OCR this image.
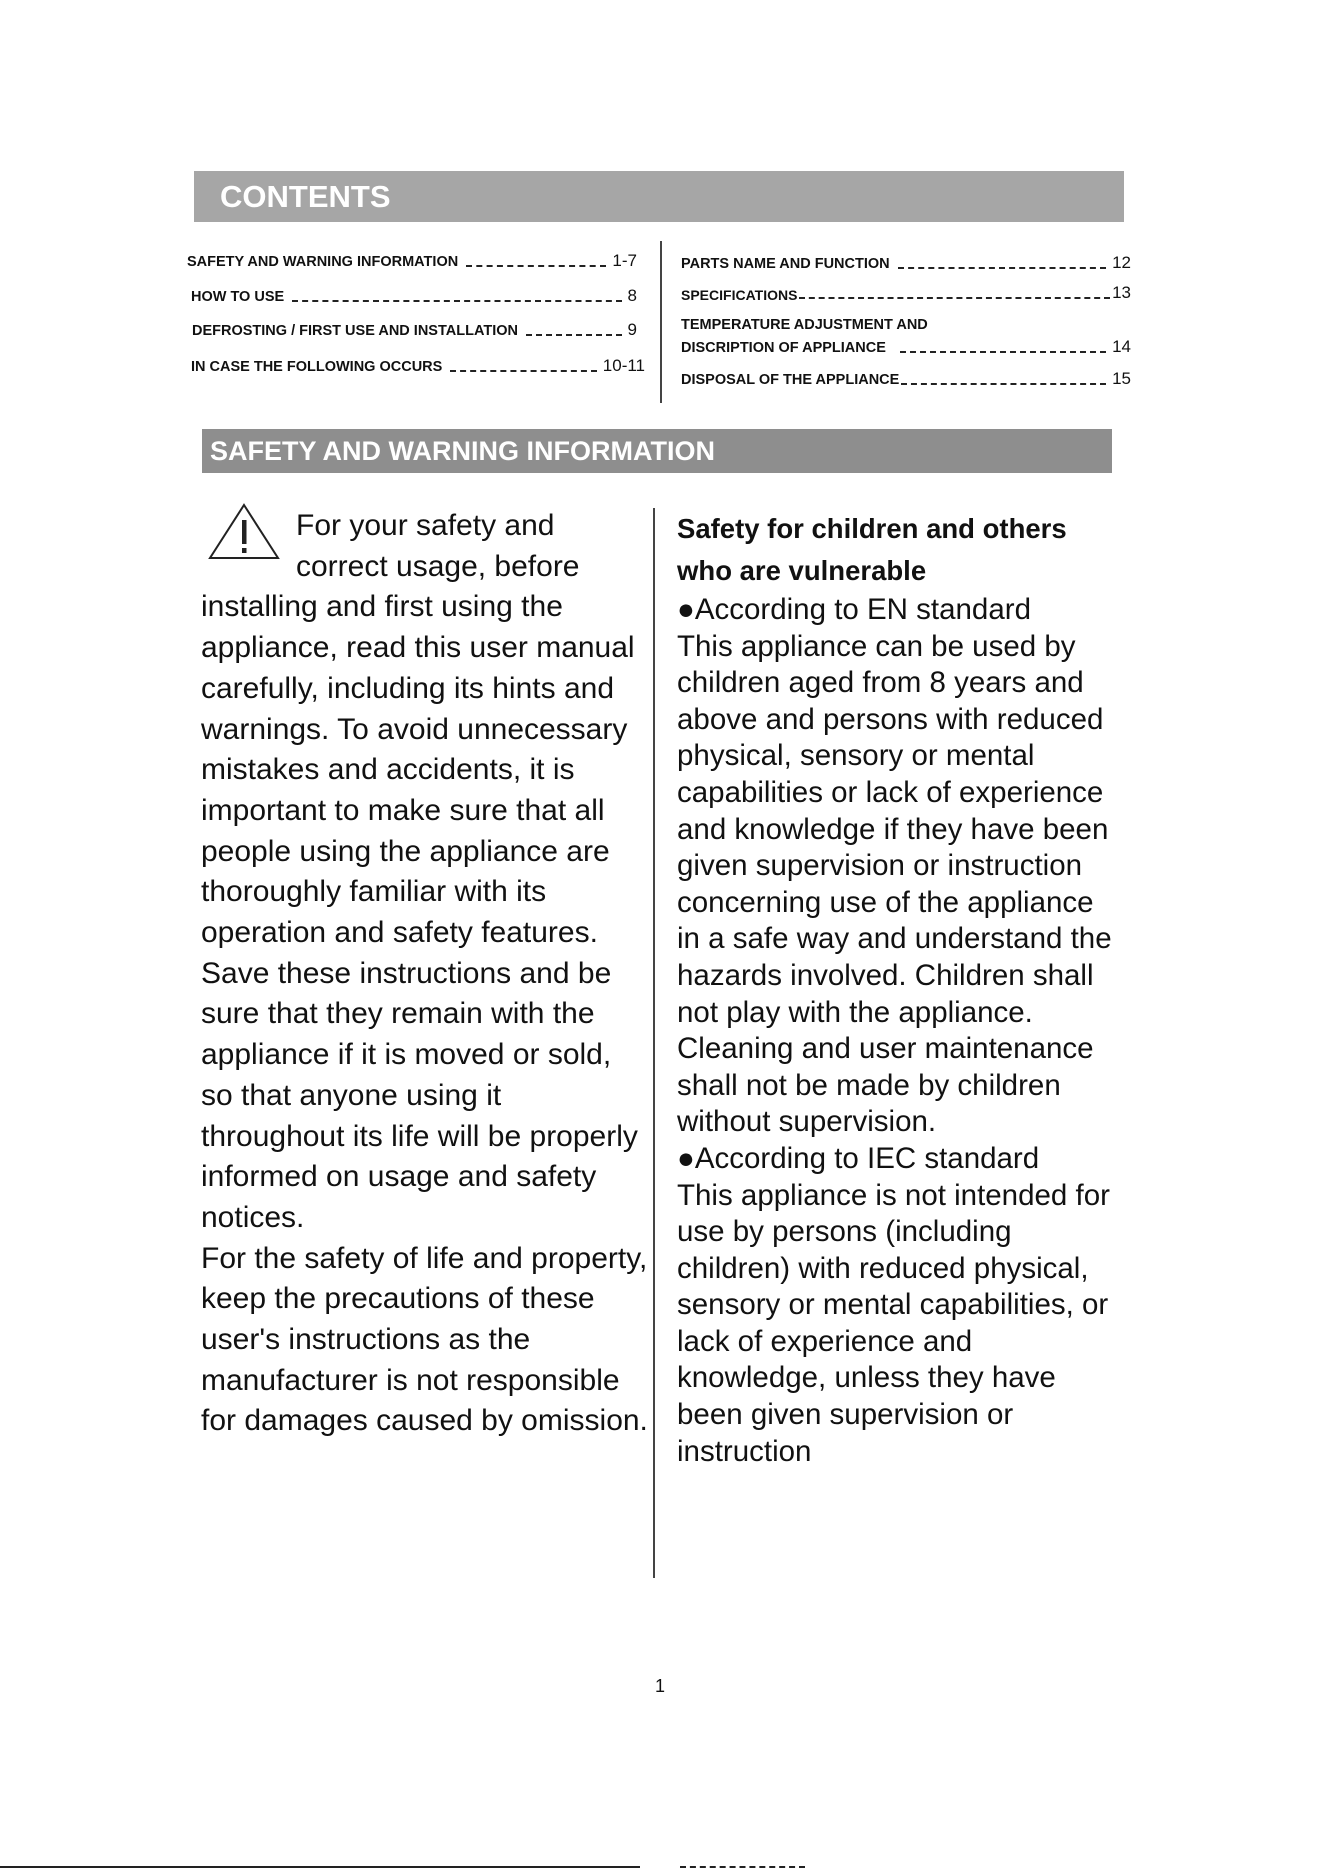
CONTENTS
SAFETY AND WARNING INFORMATION	1-7
HOW TO USE	8
DEFROSTING / FIRST USE AND INSTALLATION	9
IN CASE THE FOLLOWING OCCURS	10-11
PARTS NAME AND FUNCTION	12
SPECIFICATIONS	13
TEMPERATURE ADJUSTMENT AND
DISCRIPTION OF APPLIANCE	14
DISPOSAL OF THE APPLIANCE	15
SAFETY AND WARNING INFORMATION
For your safety and
correct usage, before
installing and first using the appliance, read this user manual carefully, including its hints and warnings. To avoid unnecessary mistakes and accidents, it is important to make sure that all people using the appliance are thoroughly familiar with its operation and safety features. Save these instructions and be sure that they remain with the appliance if it is moved or sold, so that anyone using it throughout its life will be properly informed on usage and safety notices.
For the safety of life and property, keep the precautions of these user's instructions as the manufacturer is not responsible for damages caused by omission.
Safety for children and others who are vulnerable
●According to EN standard
This appliance can be used by children aged from 8 years and above and persons with reduced physical, sensory or mental capabilities or lack of experience and knowledge if they have been given supervision or instruction concerning use of the appliance in a safe way and understand the hazards involved. Children shall not play with the appliance. Cleaning and user maintenance shall not be made by children without supervision.
●According to IEC standard
This appliance is not intended for use by persons (including children) with reduced physical, sensory or mental capabilities, or lack of experience and knowledge, unless they have been given supervision or instruction
1
